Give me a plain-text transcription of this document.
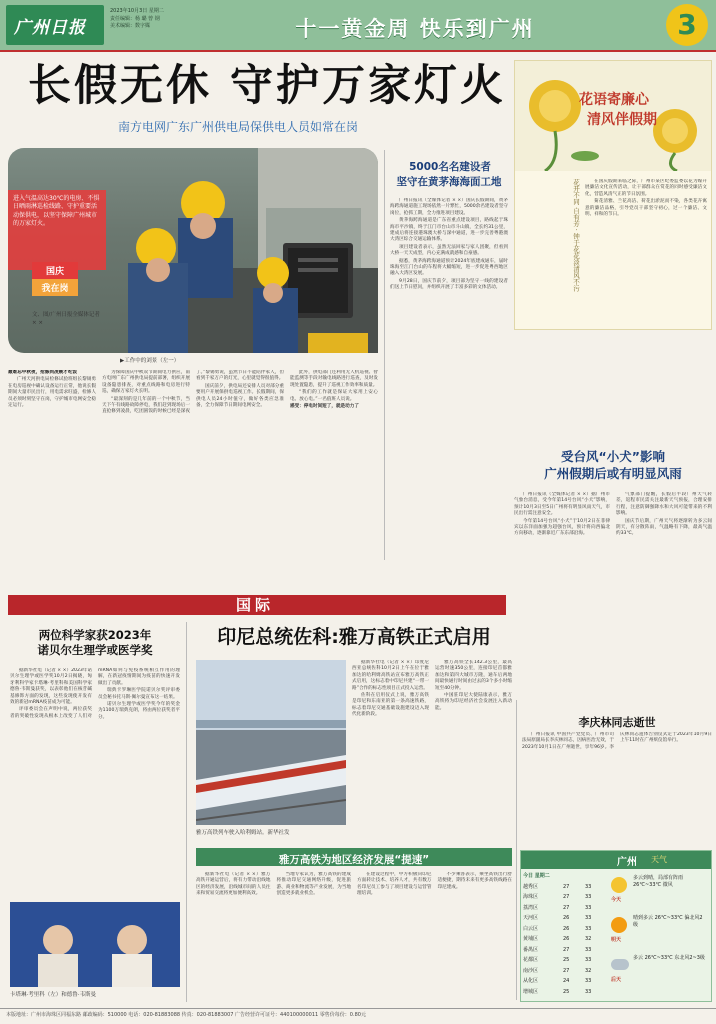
广州日报
2023年10月3日 星期二
责任编辑：杨 璐 曾 钢
美术编辑：数字媒	十一黄金周 快乐到广州	3
长假无休 守护万家灯火
南方电网广东广州供电局保供电人员如常在岗
进入气温高达30℃的电房、不惧日晒雨淋巡检线路、守护重要活动保供电，以坚守保障广州城市的万家灯火。
国庆
我在岗
文、图/广州日报全媒体记者 × ×
▶工作中的刘景（左一）

最难忘中秋夜，抢修到凌晨才吃饭

广州天河供电局检修试验班组长黎锡勇在电房巡视中确认设备运行正常，他说长假期间大量市民出行，用电需求旺盛，检修人员必须时刻坚守在岗，守护城市电网安全稳定运行。

为保障国庆中秋双节期间电力供应，南方电网广东广州供电局提前部署，组织开展设备隐患排查，对重点线路和电房进行特巡，确保万家灯火长明。

“最深刻的是几年前的一个中秋节，当天下午有线路故障停电，我们赶到现场后一直抢修到凌晨，吃团圆饭的时候已经是深夜了。”黎锡勇说，虽然节日不能陪伴家人，但看到千家万户的灯光，心里就觉得很值得。

国庆前夕，供电局还安排人员对部分重要用户开展保供电巡视工作。长假期间，保供电人员24小时值守，做好各类应急准备，全力保障节日期间电网安全。

此外，供电部门还利用无人机巡视、智能监测等手段对输电线路进行巡查，及时发现处置隐患，提升了巡视工作效率和质量。

“我们的工作就是保证大家用上安心电、放心电。”一名值班人员说。

感受：停电时间短了，就是动力了

5000名名建设者
坚守在黄茅海海面工地

广州日报讯（全媒体记者 × ×）国庆长假期间，黄茅海跨海通道施工现场依然一片繁忙，5000余名建设者坚守岗位，抢抓工期，全力推进项目建设。

黄茅海跨海通道是广东省重点建设项目，路线起于珠海市平沙镇，终于江门市台山市斗山镇，全长约31公里，建成后将连接港珠澳大桥与深中通道，进一步完善粤港澳大湾区综合交通运输体系。

项目建设者表示，虽然无法回家与家人团聚，但看到大桥一天天成型，内心充满成就感和自豪感。

据悉，黄茅海跨海通道预计2024年底建成通车，届时珠海至江门台山的车程将大幅缩短，进一步促进粤西地区融入大湾区发展。

9月28日，国庆节前夕，项目部为坚守一线的建设者们送上节日慰问，并组织开展了丰富多彩的文体活动。

花语寄廉心
清风伴假期
花开不同 自有芳 · 钟于花花淡清风不污	在国庆假期来临之际，广州市某区纪委监委以花为媒开展廉洁文化宣传活动，让干部群众在赏花的同时感受廉洁文化，营造风清气正的节日氛围。

菊花清雅、兰花高洁、荷花出淤泥而不染，各类花卉寓意的廉洁品格，引导党员干部坚守初心，过一个廉洁、文明、祥和的节日。

受台风“小犬”影响
广州假期后或有明显风雨

广州日报讯（全媒体记者 × ×）据广州市气象台消息，受今年第14号台风“小犬”影响，预计10月3日至5日广州将有明显风雨天气，市民出行需注意安全。

今年第14号台风“小犬”于10月2日在菲律宾以东洋面加强为超强台风，预计将向西偏北方向移动，逐渐靠近广东东部沿海。

气象部门提醒，长假后半段广州天气转差，返程市民需关注最新天气预报，合理安排行程，注意防御强降水和大风可能带来的不利影响。

国庆节后期，广州天气将逐渐转为多云间阴天，有分散阵雨，气温略有下降，最高气温约33℃。

国际
两位科学家获2023年
诺贝尔生理学或医学奖

据新华社电（记者 × ×）2023年诺贝尔生理学或医学奖10月2日揭晓，匈牙利科学家卡塔琳·考里科和美国科学家德鲁·韦斯曼获奖，以表彰他们在核苷碱基修饰方面的发现，这些发现使开发有效的新冠mRNA疫苗成为可能。

评审委员会在声明中说，两位获奖者的突破性发现从根本上改变了人们对mRNA如何与免疫系统相互作用的理解，在新冠疫情期间为疫苗的快速开发做出了贡献。

瑞典卡罗琳医学院诺贝尔奖评审委员会秘书托马斯·佩尔曼宣布这一结果。

诺贝尔生理学或医学奖今年的奖金为1100万瑞典克朗，将由两位获奖者平分。

卡塔琳·考里科（左）和德鲁·韦斯曼
印尼总统佐科:雅万高铁正式启用
雅万高铁列车驶入哈利姆站。新华社发

据新华社电（记者 × ×）印度尼西亚总统佐科10月2日上午在位于雅加达的哈利姆高铁站宣布雅万高铁正式启用，这标志着中印尼共建“一带一路”合作的标志性项目正式投入运营。

佐科在启用仪式上说，雅万高铁是印尼和东南亚的第一条高速铁路，标志着印尼交通基础设施建设迈入现代化新阶段。

雅万高铁全长142.3公里，最高运营时速350公里，连接印尼首都雅加达和第四大城市万隆，通车后两地间最快通行时间由过去的3个多小时缩短至40分钟。

中国驻印尼大使陆康表示，雅万高铁将为印尼经济社会发展注入新动能。

雅万高铁为地区经济发展“提速”

据新华社电（记者 × ×）雅万高铁开通运营后，将有力带动沿线地区的经济发展，沿线城市间的人员往来和贸易交流将更加便利高效。

当地专家认为，雅万高铁的建成将推动印尼交通网络升级，促进旅游、商业和物流等产业发展，为当地创造更多就业机会。

在建设过程中，中方积极向印尼方面转让技术、培养人才，共有数万名印尼员工参与了项目建设与运营管理培训。

不少乘客表示，乘坐高铁出行舒适便捷，期待未来有更多高铁线路在印尼建成。

李庆林同志逝世

广州日报讯 中国共产党党员、广州市司法局原副局长李庆林同志，因病医治无效，于2023年10月1日在广州逝世，享年96岁。李庆林同志遗体告别仪式定于2023年10月9日上午11时在广州殡仪馆举行。

广州 天气
今日 星期二
越秀区	27	33
海珠区	27	33
荔湾区	27	33
天河区	26	33
白云区	26	33
黄埔区	26	32
番禺区	27	33
花都区	25	33
南沙区	27	32
从化区	24	33
增城区	25	33
今天
多云到晴，局部有阵雨 26℃~33℃ 微风
明天
晴到多云 26℃~33℃ 偏北风2级
后天
多云 26℃~33℃ 东北风2~3级
本版地址：广州市海珠区同福东路 邮政编码：510000 电话：020-81883088 传真：020-81883007 广告经营许可证号：440100000011 零售价每份：0.80元
